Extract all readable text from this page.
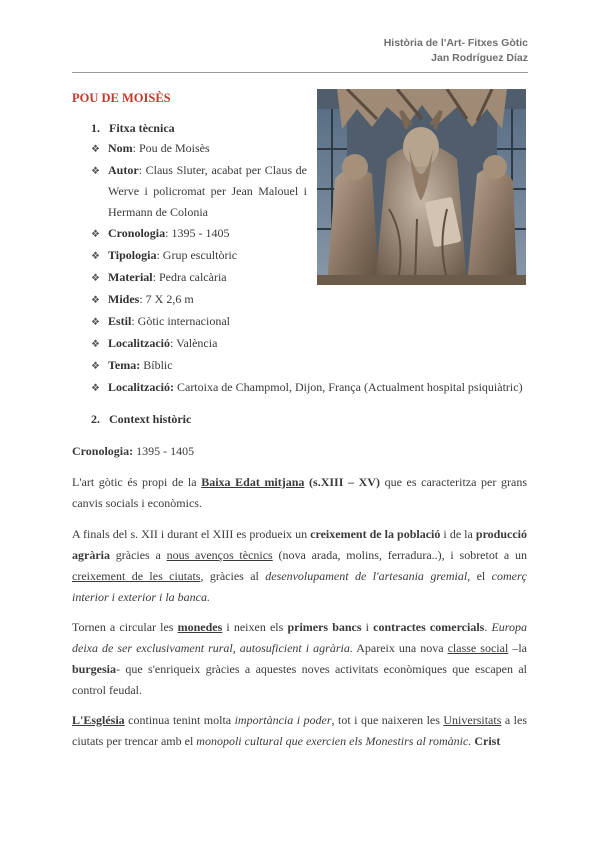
Història de l'Art- Fitxes Gòtic
Jan Rodríguez Díaz
POU DE MOISÈS
1. Fitxa tècnica
❖ Nom: Pou de Moisès
❖ Autor: Claus Sluter, acabat per Claus de Werve i policromat per Jean Malouel i Hermann de Colonia
❖ Cronologia: 1395 - 1405
❖ Tipologia: Grup escultòric
❖ Material: Pedra calcària
❖ Mides: 7 X 2,6 m
❖ Estil: Gòtic internacional
❖ Localització: València
❖ Tema: Bíblic
❖ Localització: Cartoixa de Champmol, Dijon, França (Actualment hospital psiquiàtric)
2. Context històric
Cronologia: 1395 - 1405
L'art gòtic és propi de la Baixa Edat mitjana (s.XIII – XV) que es caracteritza per grans canvis socials i econòmics.
A finals del s. XII i durant el XIII es produeix un creixement de la població i de la producció agrària gràcies a nous avenços tècnics (nova arada, molins, ferradura..), i sobretot a un creixement de les ciutats, gràcies al desenvolupament de l'artesania gremial, el comerç interior i exterior i la banca.
Tornen a circular les monedes i neixen els primers bancs i contractes comercials. Europa deixa de ser exclusivament rural, autosuficient i agrària. Apareix una nova classe social –la burgesia- que s'enriqueix gràcies a aquestes noves activitats econòmiques que escapen al control feudal.
L'Església continua tenint molta importància i poder, tot i que naixeren les Universitats a les ciutats per trencar amb el monopoli cultural que exercien els Monestirs al romànic. Crist
